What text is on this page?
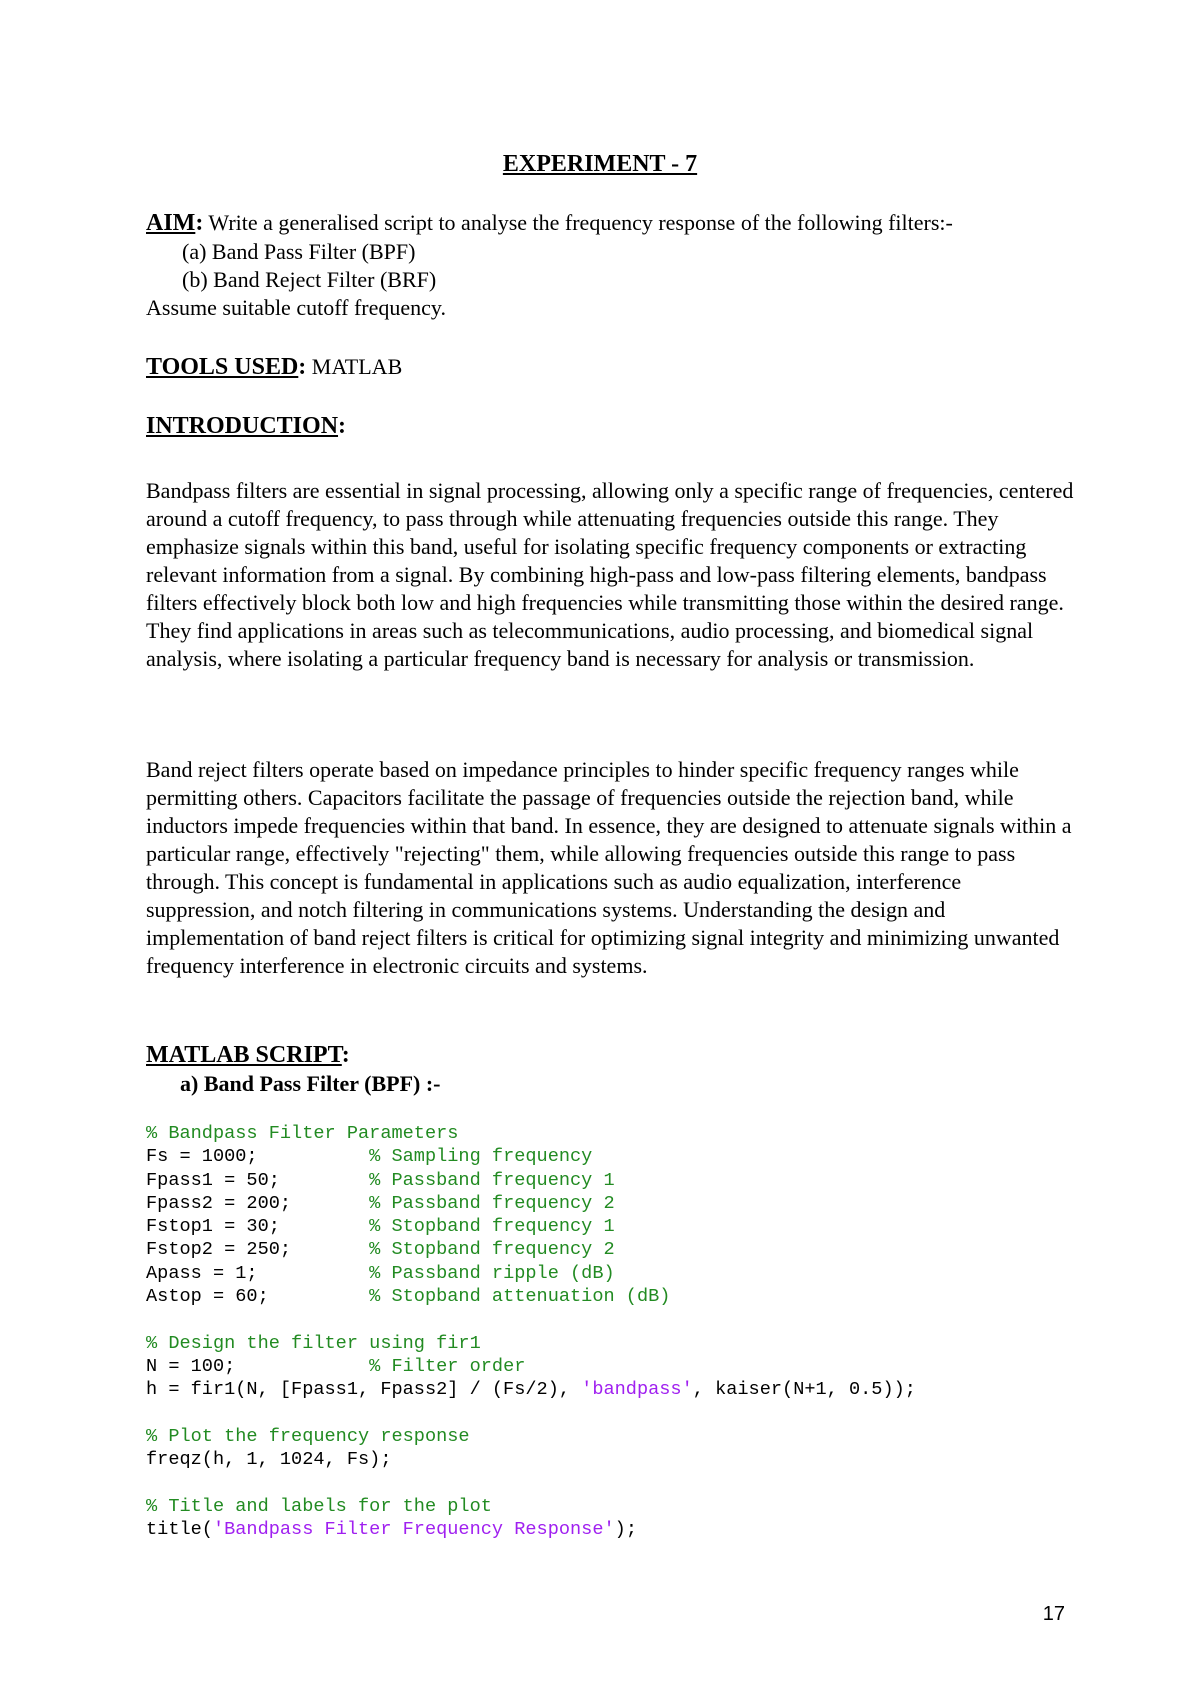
EXPERIMENT - 7

AIM: Write a generalised script to analyse the frequency response of the following filters:-

(a) Band Pass Filter (BPF)

(b) Band Reject Filter (BRF)

Assume suitable cutoff frequency.

TOOLS USED: MATLAB

INTRODUCTION:

Bandpass filters are essential in signal processing, allowing only a specific range of frequencies, centered around a cutoff frequency, to pass through while attenuating frequencies outside this range. They emphasize signals within this band, useful for isolating specific frequency components or extracting relevant information from a signal. By combining high-pass and low-pass filtering elements, bandpass filters effectively block both low and high frequencies while transmitting those within the desired range. They find applications in areas such as telecommunications, audio processing, and biomedical signal analysis, where isolating a particular frequency band is necessary for analysis or transmission.

Band reject filters operate based on impedance principles to hinder specific frequency ranges while permitting others. Capacitors facilitate the passage of frequencies outside the rejection band, while inductors impede frequencies within that band. In essence, they are designed to attenuate signals within a particular range, effectively "rejecting" them, while allowing frequencies outside this range to pass through. This concept is fundamental in applications such as audio equalization, interference suppression, and notch filtering in communications systems. Understanding the design and implementation of band reject filters is critical for optimizing signal integrity and minimizing unwanted frequency interference in electronic circuits and systems.

MATLAB SCRIPT:
a) Band Pass Filter (BPF) :-
% Bandpass Filter Parameters
Fs = 1000;          % Sampling frequency
Fpass1 = 50;        % Passband frequency 1
Fpass2 = 200;       % Passband frequency 2
Fstop1 = 30;        % Stopband frequency 1
Fstop2 = 250;       % Stopband frequency 2
Apass = 1;          % Passband ripple (dB)
Astop = 60;         % Stopband attenuation (dB)
% Design the filter using fir1
N = 100;            % Filter order
h = fir1(N, [Fpass1, Fpass2] / (Fs/2), 'bandpass', kaiser(N+1, 0.5));
% Plot the frequency response
freqz(h, 1, 1024, Fs);
% Title and labels for the plot
title('Bandpass Filter Frequency Response');
17
